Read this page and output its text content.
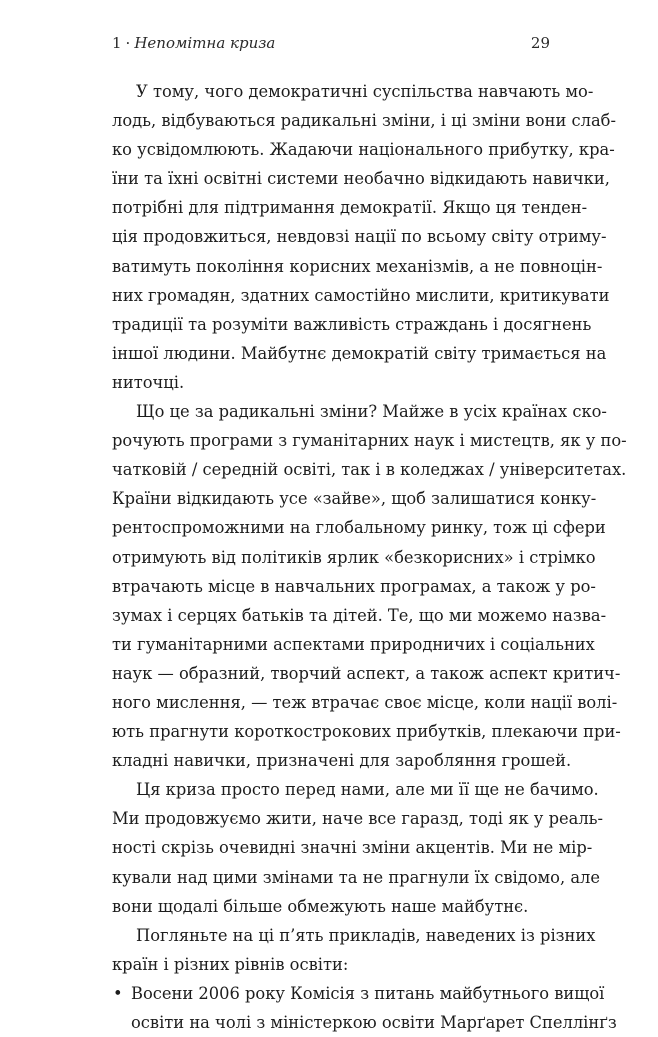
1 · Непомітна криза	29
У тому, чого демократичні суспільства навчають мо-
лодь, відбуваються радикальні зміни, і ці зміни вони слаб-
ко усвідомлюють. Жадаючи національного прибутку, кра-
їни та їхні освітні системи необачно відкидають навички,
потрібні для підтримання демократії. Якщо ця тенден-
ція продовжиться, невдовзі нації по всьому світу отриму-
ватимуть покоління корисних механізмів, а не повноцін-
них громадян, здатних самостійно мислити, критикувати
традиції та розуміти важливість страждань і досягнень
іншої людини. Майбутнє демократій світу тримається на
ниточці.
Що це за радикальні зміни? Майже в усіх країнах ско-
рочують програми з гуманітарних наук і мистецтв, як у по-
чатковій / середній освіті, так і в коледжах / університетах.
Країни відкидають усе «зайве», щоб залишатися конку-
рентоспроможними на глобальному ринку, тож ці сфери
отримують від політиків ярлик «безкорисних» і стрімко
втрачають місце в навчальних програмах, а також у ро-
зумах і серцях батьків та дітей. Те, що ми можемо назва-
ти гуманітарними аспектами природничих і соціальних
наук — образний, творчий аспект, а також аспект критич-
ного мислення, — теж втрачає своє місце, коли нації волі-
ють прагнути короткострокових прибутків, плекаючи при-
кладні навички, призначені для заробляння грошей.
Ця криза просто перед нами, але ми її ще не бачимо.
Ми продовжуємо жити, наче все гаразд, тоді як у реаль-
ності скрізь очевидні значні зміни акцентів. Ми не мір-
кували над цими змінами та не прагнули їх свідомо, але
вони щодалі більше обмежують наше майбутнє.
Погляньте на ці п’ять прикладів, наведених із різних
країн і різних рівнів освіти:
• Восени 2006 року Комісія з питань майбутнього вищої
освіти на чолі з міністеркою освіти Марґарет Спеллінґз
